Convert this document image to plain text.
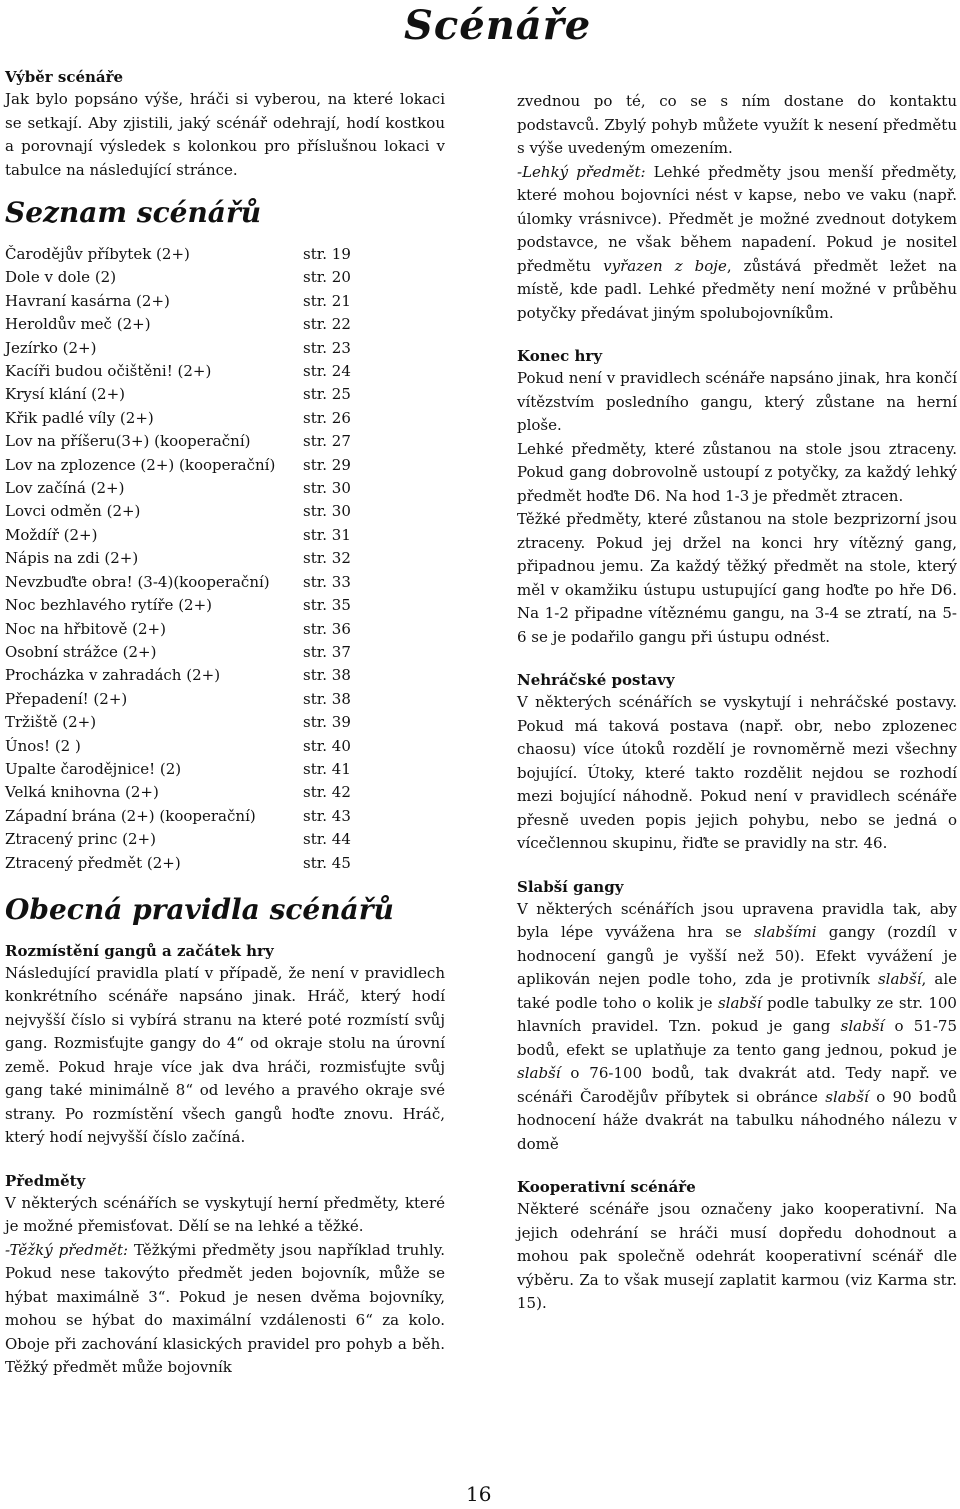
Scénáře
Výběr scénáře

Jak bylo popsáno výše, hráči si vyberou, na které lokaci se setkají. Aby zjistili, jaký scénář odehrají, hodí kostkou a porovnají výsledek s kolonkou pro příslušnou lokaci v tabulce na následující stránce.

Seznam scénářů
Čarodějův příbytek (2+)	str. 19
Dole v dole (2)	str. 20
Havraní kasárna (2+)	str. 21
Heroldův meč (2+)	str. 22
Jezírko (2+)	str. 23
Kacíři budou očištěni! (2+)	str. 24
Krysí klání (2+)	str. 25
Křik padlé víly (2+)	str. 26
Lov na příšeru(3+) (kooperační)	str. 27
Lov na zplozence (2+) (kooperační)	str. 29
Lov začíná (2+)	str. 30
Lovci odměn (2+)	str. 30
Moždíř (2+)	str. 31
Nápis na zdi (2+)	str. 32
Nevzbuďte obra! (3-4)(kooperační)	str. 33
Noc bezhlavého rytíře (2+)	str. 35
Noc na hřbitově (2+)	str. 36
Osobní strážce (2+)	str. 37
Procházka v zahradách (2+)	str. 38
Přepadení! (2+)	str. 38
Tržiště (2+)	str. 39
Únos! (2 )	str. 40
Upalte čarodějnice! (2)	str. 41
Velká knihovna (2+)	str. 42
Západní brána (2+) (kooperační)	str. 43
Ztracený princ (2+)	str. 44
Ztracený předmět (2+)	str. 45
Obecná pravidla scénářů
Rozmístění gangů a začátek hry

Následující pravidla platí v případě, že není v pravidlech konkrétního scénáře napsáno jinak. Hráč, který hodí nejvyšší číslo si vybírá stranu na které poté rozmístí svůj gang. Rozmisťujte gangy do 4“ od okraje stolu na úrovní země. Pokud hraje více jak dva hráči, rozmisťujte svůj gang také minimálně 8“ od levého a pravého okraje své strany. Po rozmístění všech gangů hoďte znovu. Hráč, který hodí nejvyšší číslo začíná.

Předměty

V některých scénářích se vyskytují herní předměty, které je možné přemisťovat. Dělí se na lehké a těžké.
-Těžký předmět: Těžkými předměty jsou například truhly. Pokud nese takovýto předmět jeden bojovník, může se hýbat maximálně 3“. Pokud je nesen dvěma bojovníky, mohou se hýbat do maximální vzdálenosti 6“ za kolo. Oboje při zachování klasických pravidel pro pohyb a běh. Těžký předmět může bojovník

zvednou po té, co se s ním dostane do kontaktu podstavců. Zbylý pohyb můžete využít k nesení předmětu s výše uvedeným omezením.

-Lehký předmět: Lehké předměty jsou menší předměty, které mohou bojovníci nést v kapse, nebo ve vaku (např. úlomky vrásnivce). Předmět je možné zvednout dotykem podstavce, ne však během napadení. Pokud je nositel předmětu vyřazen z boje, zůstává předmět ležet na místě, kde padl. Lehké předměty není možné v průběhu potyčky předávat jiným spolubojovníkům.

Konec hry

Pokud není v pravidlech scénáře napsáno jinak, hra končí vítězstvím posledního gangu, který zůstane na herní ploše.

Lehké předměty, které zůstanou na stole jsou ztraceny. Pokud gang dobrovolně ustoupí z potyčky, za každý lehký předmět hoďte D6. Na hod 1-3 je předmět ztracen.

Těžké předměty, které zůstanou na stole bezprizorní jsou ztraceny. Pokud jej držel na konci hry vítězný gang, připadnou jemu. Za každý těžký předmět na stole, který měl v okamžiku ústupu ustupující gang hoďte po hře D6. Na 1-2 připadne vítěznému gangu, na 3-4 se ztratí, na 5-6 se je podařilo gangu při ústupu odnést.

Nehráčské postavy

V některých scénářích se vyskytují i nehráčské postavy. Pokud má taková postava (např. obr, nebo zplozenec chaosu) více útoků rozdělí je rovnoměrně mezi všechny bojující. Útoky, které takto rozdělit nejdou se rozhodí mezi bojující náhodně. Pokud není v pravidlech scénáře přesně uveden popis jejich pohybu, nebo se jedná o vícečlennou skupinu, řiďte se pravidly na str. 46.

Slabší gangy

V některých scénářích jsou upravena pravidla tak, aby byla lépe vyvážena hra se slabšími gangy (rozdíl v hodnocení gangů je vyšší než 50). Efekt vyvážení je aplikován nejen podle toho, zda je protivník slabší, ale také podle toho o kolik je slabší podle tabulky ze str. 100 hlavních pravidel. Tzn. pokud je gang slabší o 51-75 bodů, efekt se uplatňuje za tento gang jednou, pokud je slabší o 76-100 bodů, tak dvakrát atd. Tedy např. ve scénáři Čarodějův příbytek si obránce slabší o 90 bodů hodnocení háže dvakrát na tabulku náhodného nálezu v domě

Kooperativní scénáře

Některé scénáře jsou označeny jako kooperativní. Na jejich odehrání se hráči musí dopředu dohodnout a mohou pak společně odehrát kooperativní scénář dle výběru. Za to však musejí zaplatit karmou (viz Karma str. 15).

16
